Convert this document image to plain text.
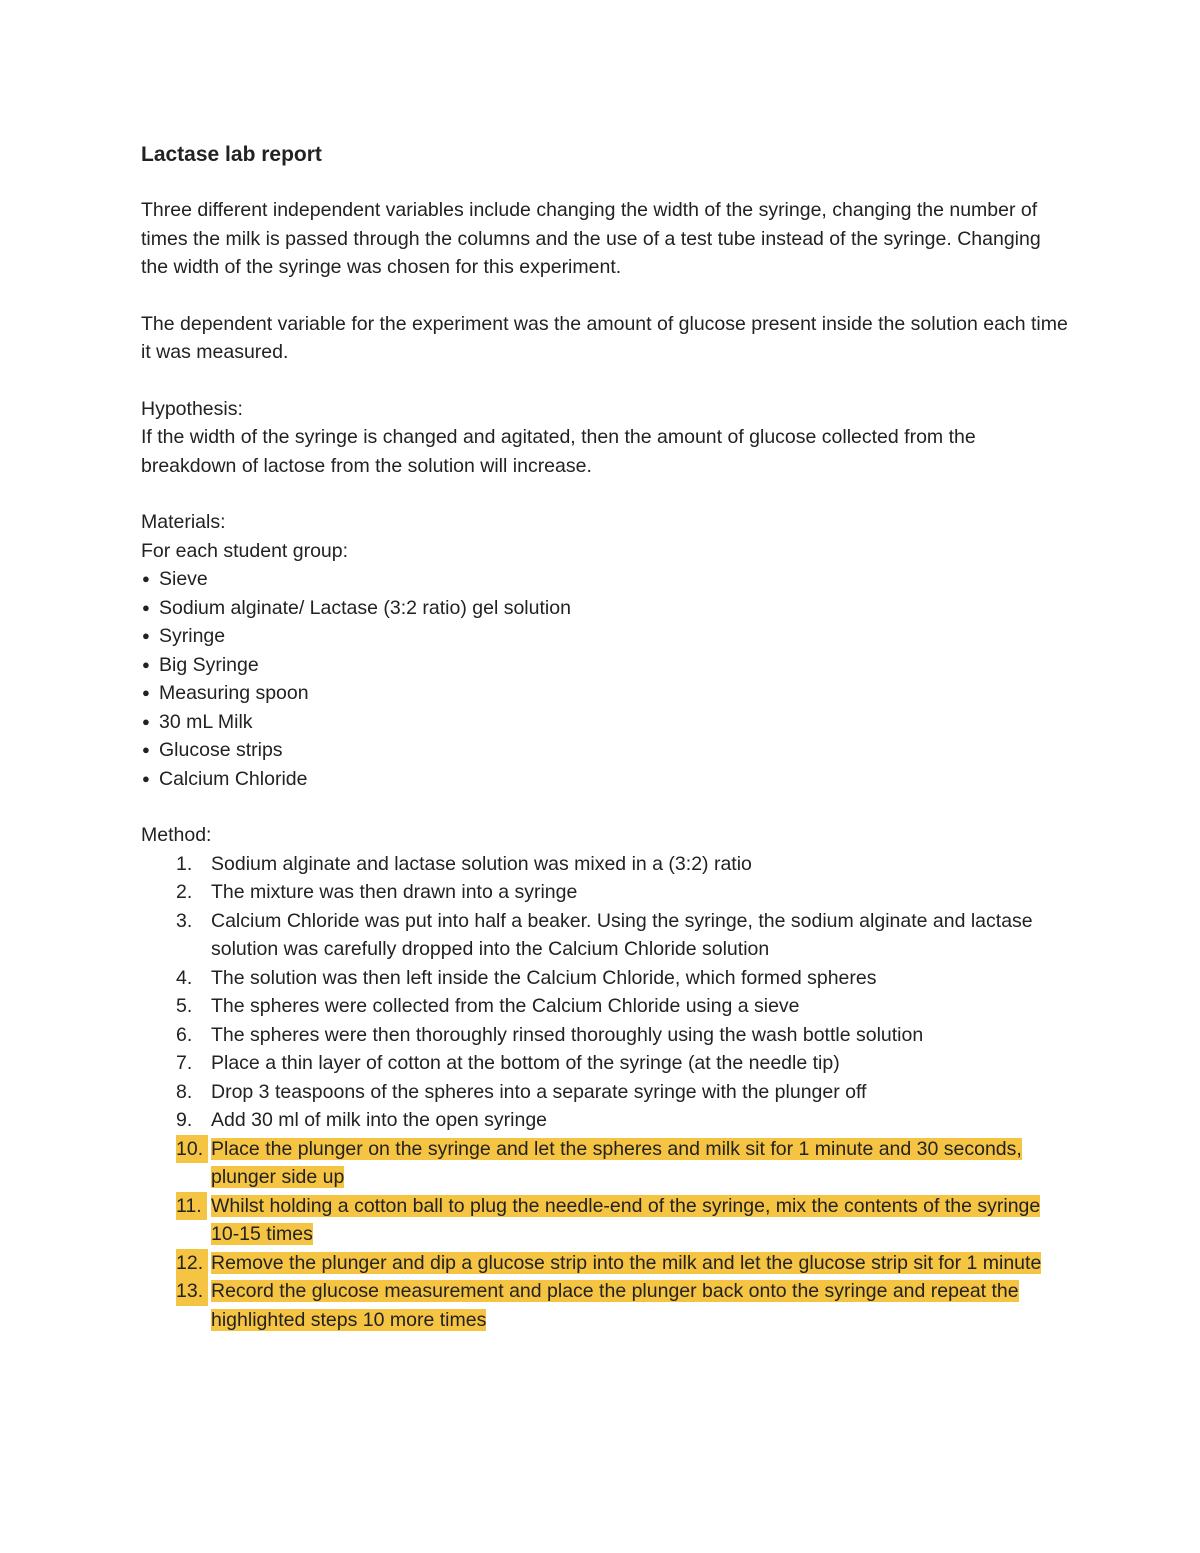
Lactase lab report

Three different independent variables include changing the width of the syringe, changing the number of times the milk is passed through the columns and the use of a test tube instead of the syringe. Changing the width of the syringe was chosen for this experiment.

The dependent variable for the experiment was the amount of glucose present inside the solution each time it was measured.

Hypothesis:

If the width of the syringe is changed and agitated, then the amount of glucose collected from the breakdown of lactose from the solution will increase.

Materials:

For each student group:

● Sieve
● Sodium alginate/ Lactase (3:2 ratio) gel solution
● Syringe
● Big Syringe
● Measuring spoon
● 30 mL Milk
● Glucose strips
● Calcium Chloride

Method:

1. Sodium alginate and lactase solution was mixed in a (3:2) ratio
2. The mixture was then drawn into a syringe
3. Calcium Chloride was put into half a beaker. Using the syringe, the sodium alginate and lactase solution was carefully dropped into the Calcium Chloride solution
4. The solution was then left inside the Calcium Chloride, which formed spheres
5. The spheres were collected from the Calcium Chloride using a sieve
6. The spheres were then thoroughly rinsed thoroughly using the wash bottle solution
7. Place a thin layer of cotton at the bottom of the syringe (at the needle tip)
8. Drop 3 teaspoons of the spheres into a separate syringe with the plunger off
9. Add 30 ml of milk into the open syringe
10. Place the plunger on the syringe and let the spheres and milk sit for 1 minute and 30 seconds, plunger side up
11. Whilst holding a cotton ball to plug the needle-end of the syringe, mix the contents of the syringe 10-15 times
12. Remove the plunger and dip a glucose strip into the milk and let the glucose strip sit for 1 minute
13. Record the glucose measurement and place the plunger back onto the syringe and repeat the highlighted steps 10 more times
